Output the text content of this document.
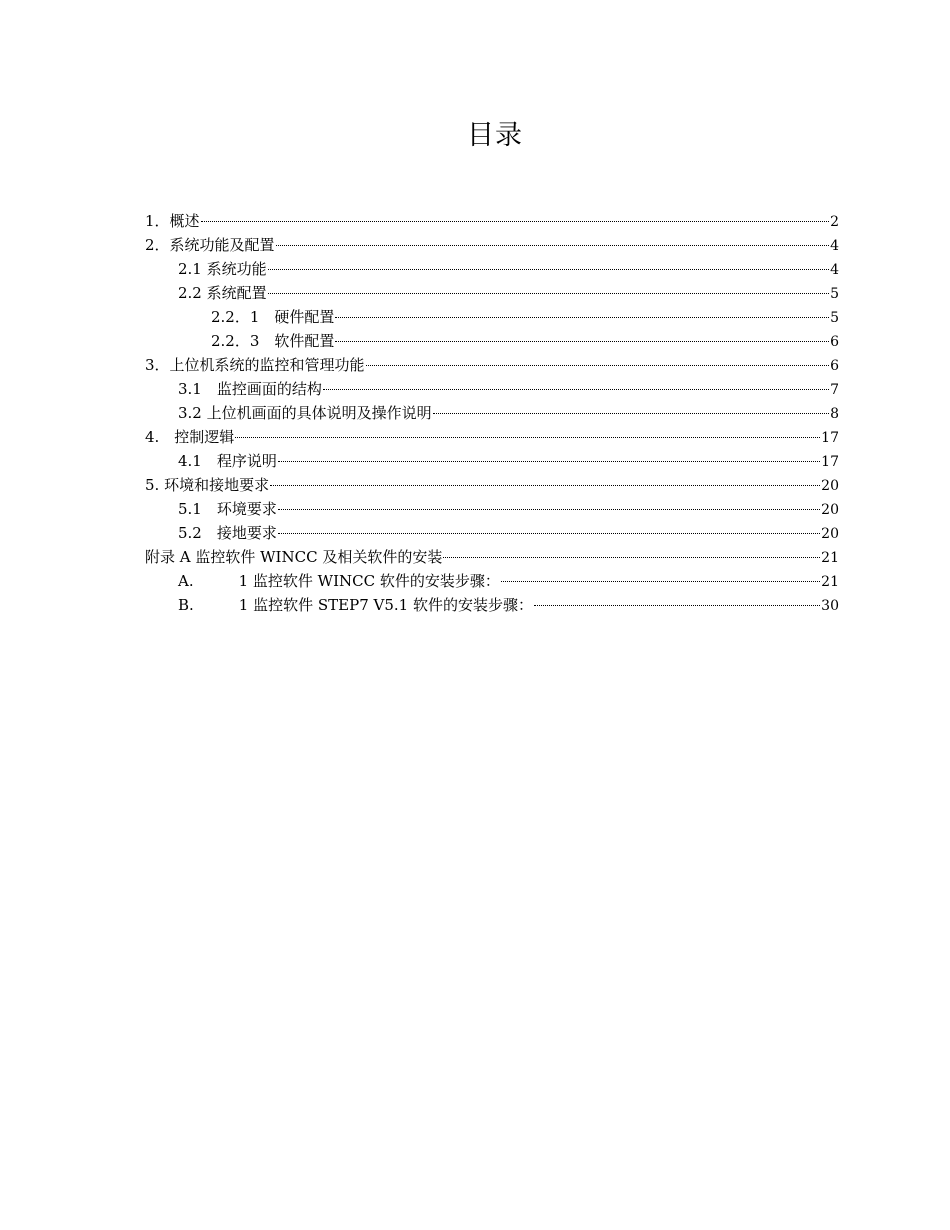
目录
1．概述	2
2．系统功能及配置	4
2.1 系统功能	4
2.2 系统配置	5
2.2．1　硬件配置	5
2.2．3　软件配置	6
3．上位机系统的监控和管理功能	6
3.1　监控画面的结构	7
3.2 上位机画面的具体说明及操作说明	8
4.　控制逻辑	17
4.1　程序说明	17
5. 环境和接地要求	20
5.1　环境要求	20
5.2　接地要求	20
附录 A 监控软件 WINCC 及相关软件的安装	21
A.　　　1 监控软件 WINCC 软件的安装步骤：	21
B.　　　1 监控软件 STEP7 V5.1 软件的安装步骤：	30
